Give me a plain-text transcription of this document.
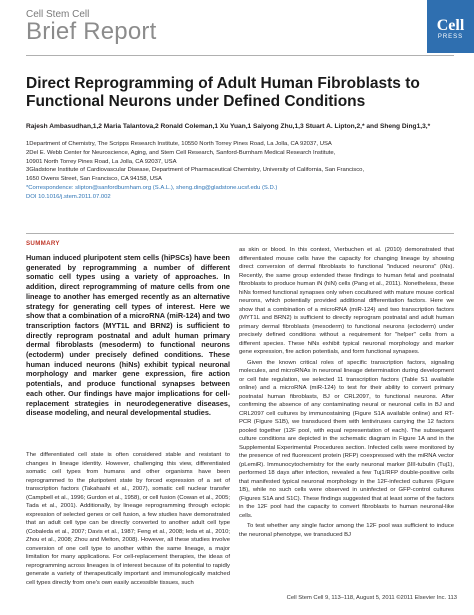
Cell Stem Cell
Brief Report	Cell
PRESS
Direct Reprogramming of Adult Human Fibroblasts to Functional Neurons under Defined Conditions
Rajesh Ambasudhan,1,2 Maria Talantova,2 Ronald Coleman,1 Xu Yuan,1 Saiyong Zhu,1,3 Stuart A. Lipton,2,* and Sheng Ding1,3,*
1Department of Chemistry, The Scripps Research Institute, 10550 North Torrey Pines Road, La Jolla, CA 92037, USA
2Del E. Webb Center for Neuroscience, Aging, and Stem Cell Research, Sanford-Burnham Medical Research Institute,
10901 North Torrey Pines Road, La Jolla, CA 92037, USA
3Gladstone Institute of Cardiovascular Disease, Department of Pharmaceutical Chemistry, University of California, San Francisco,
1650 Owens Street, San Francisco, CA 94158, USA
*Correspondence: slipton@sanfordburnham.org (S.A.L.), sheng.ding@gladstone.ucsf.edu (S.D.)
DOI 10.1016/j.stem.2011.07.002
SUMMARY
Human induced pluripotent stem cells (hiPSCs) have been generated by reprogramming a number of different somatic cell types using a variety of approaches. In addition, direct reprogramming of mature cells from one lineage to another has emerged recently as an alternative strategy for generating cell types of interest. Here we show that a combination of a microRNA (miR-124) and two transcription factors (MYT1L and BRN2) is sufficient to directly reprogram postnatal and adult human primary dermal fibroblasts (mesoderm) to functional neurons (ectoderm) under precisely defined conditions. These human induced neurons (hiNs) exhibit typical neuronal morphology and marker gene expression, fire action potentials, and produce functional synapses between each other. Our findings have major implications for cell-replacement strategies in neurodegenerative diseases, disease modeling, and neural developmental studies.
The differentiated cell state is often considered stable and resistant to changes in lineage identity. However, challenging this view, differentiated somatic cell types from humans and other organisms have been reprogrammed to the pluripotent state by forced expression of a set of transcription factors (Takahashi et al., 2007), somatic cell nuclear transfer (Campbell et al., 1996; Gurdon et al., 1958), or cell fusion (Cowan et al., 2005; Tada et al., 2001). Additionally, by lineage reprogramming through ectopic expression of selected genes or cell fusion, a few studies have demonstrated that an adult cell type can be directly converted to another adult cell type (Cobaleda et al., 2007; Davis et al., 1987; Feng et al., 2008; Ieda et al., 2010; Zhou et al., 2008; Zhou and Melton, 2008). However, all these studies involve conversion of one cell type to another within the same lineage, a major limitation for many applications. For cell-replacement therapies, the ideas of reprogramming across lineages is of interest because of its potential to rapidly generate a variety of therapeutically important and immunologically matched cell types directly from one's own easily accessible tissues, such

as skin or blood. In this context, Vierbuchen et al. (2010) demonstrated that differentiated mouse cells have the capacity for changing lineage by showing direct conversion of dermal fibroblasts to functional "induced neurons" (iNs). Recently, the same group extended these findings to human fetal and postnatal fibroblasts to produce human iN (hiN) cells (Pang et al., 2011). Nonetheless, these hiNs formed functional synapses only when cocultured with mature mouse cortical neurons, which potentially provided additional differentiation factors. Here we show that a combination of a microRNA (miR-124) and two transcription factors (MYT1L and BRN2) is sufficient to directly reprogram postnatal and adult human primary dermal fibroblasts (mesoderm) to functional neurons (ectoderm) under precisely defined conditions without a requirement for "helper" cells from a different species. These hiNs exhibit typical neuronal morphology and marker gene expression, fire action potentials, and form functional synapses.

Given the known critical roles of specific transcription factors, signaling molecules, and microRNAs in neuronal lineage determination during development or cell fate regulation, we selected 11 transcription factors (Table S1 available online) and a microRNA (miR-124) to test for their ability to convert primary postnatal human fibroblasts, BJ or CRL2097, to functional neurons. After confirming the absence of any contaminating neural or neuronal cells in BJ and CRL2097 cell cultures by immunostaining (Figure S1A available online) and RT-PCR (Figure S1B), we transduced them with lentiviruses carrying the 12 factors pooled together (12F pool, with equal representation of each). The subsequent culture conditions are depicted in the schematic diagram in Figure 1A and in the Supplemental Experimental Procedures section. Infected cells were monitored by the presence of red fluorescent protein (RFP) coexpressed with the miRNA vector (pLemiR). Immunocytochemistry for the early neuronal marker βIII-tubulin (Tuj1), performed 18 days after infection, revealed a few Tuj1/RFP double-positive cells that manifested typical neuronal morphology in the 12F-infected cultures (Figure 1B), while no such cells were observed in uninfected or GFP-control cultures (Figures S1A and S1C). These findings suggested that at least some of the factors in the 12F pool had the capacity to convert fibroblasts to human neuronal-like cells.

To test whether any single factor among the 12F pool was sufficient to induce the neuronal phenotype, we transduced BJ

Cell Stem Cell 9, 113–118, August 5, 2011 ©2011 Elsevier Inc. 113
